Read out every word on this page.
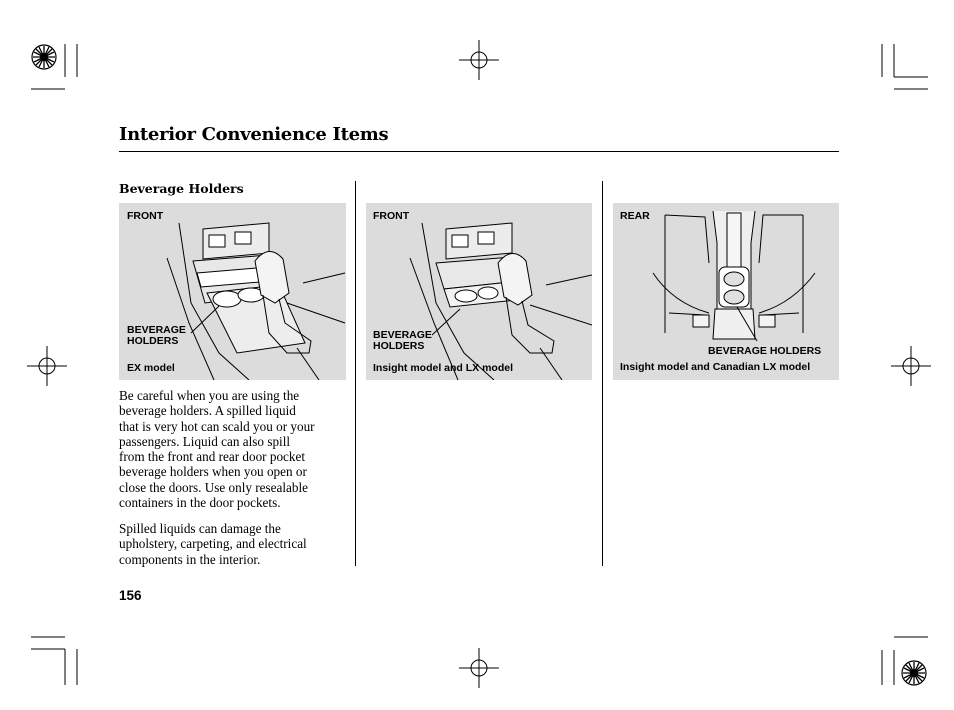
Interior Convenience Items
Beverage Holders
FRONT
BEVERAGE
HOLDERS
EX model
FRONT
BEVERAGE
HOLDERS
Insight model and LX model
REAR
BEVERAGE HOLDERS
Insight model and Canadian LX model
Be careful when you are using the
beverage holders. A spilled liquid
that is very hot can scald you or your
passengers. Liquid can also spill
from the front and rear door pocket
beverage holders when you open or
close the doors. Use only resealable
containers in the door pockets.
Spilled liquids can damage the
upholstery, carpeting, and electrical
components in the interior.
156
